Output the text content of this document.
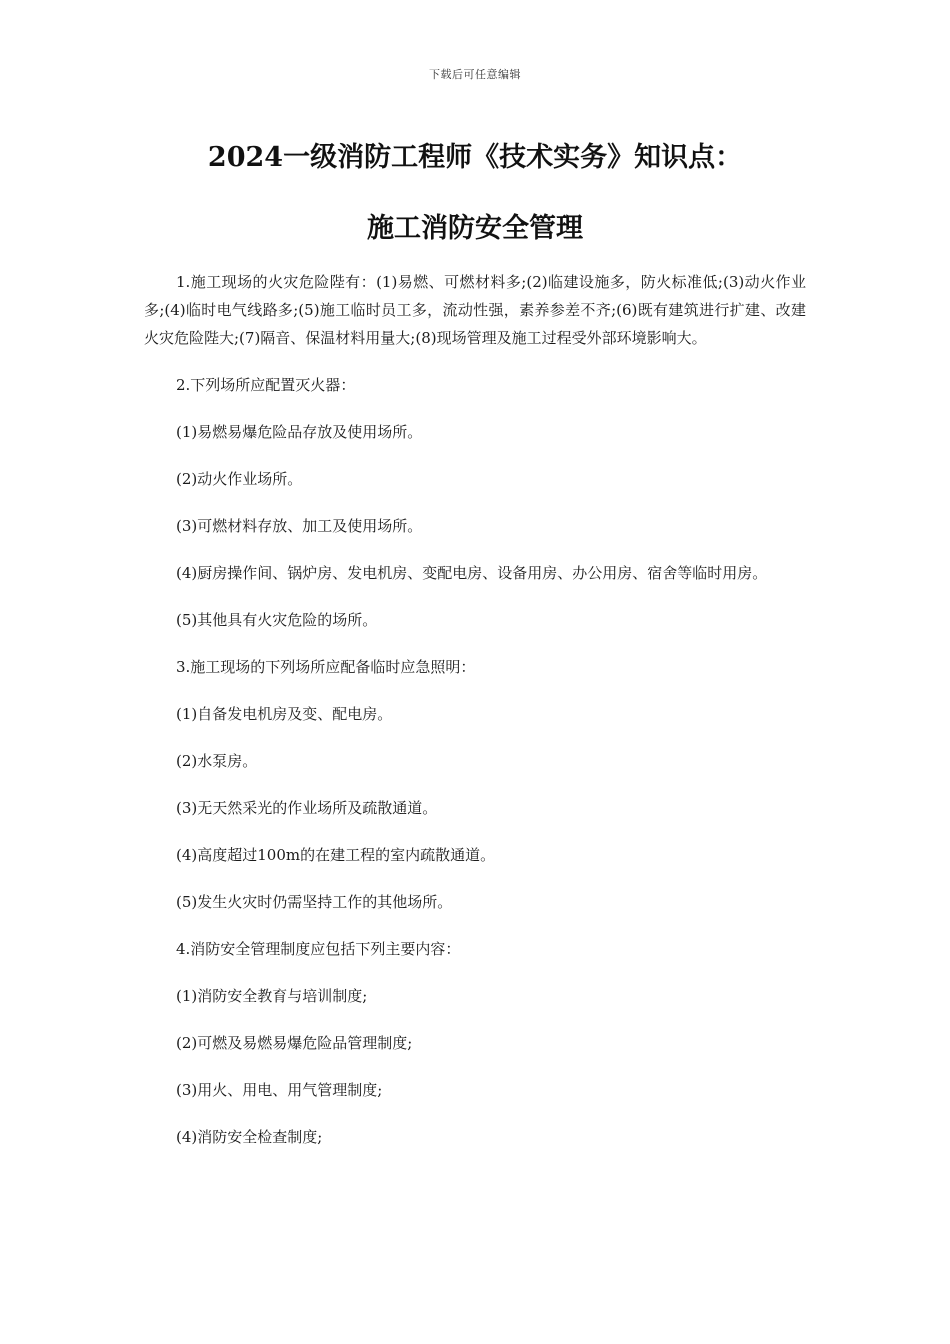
下载后可任意编辑
2024一级消防工程师《技术实务》知识点：
施工消防安全管理

1.施工现场的火灾危险陛有：(1)易燃、可燃材料多;(2)临建设施多，防火标准低;(3)动火作业多;(4)临时电气线路多;(5)施工临时员工多，流动性强，素养参差不齐;(6)既有建筑进行扩建、改建火灾危险陛大;(7)隔音、保温材料用量大;(8)现场管理及施工过程受外部环境影响大。

2.下列场所应配置灭火器：

(1)易燃易爆危险品存放及使用场所。

(2)动火作业场所。

(3)可燃材料存放、加工及使用场所。

(4)厨房操作间、锅炉房、发电机房、变配电房、设备用房、办公用房、宿舍等临时用房。

(5)其他具有火灾危险的场所。

3.施工现场的下列场所应配备临时应急照明：

(1)自备发电机房及变、配电房。

(2)水泵房。

(3)无天然采光的作业场所及疏散通道。

(4)高度超过100m的在建工程的室内疏散通道。

(5)发生火灾时仍需坚持工作的其他场所。

4.消防安全管理制度应包括下列主要内容：

(1)消防安全教育与培训制度;

(2)可燃及易燃易爆危险品管理制度;

(3)用火、用电、用气管理制度;

(4)消防安全检查制度;
